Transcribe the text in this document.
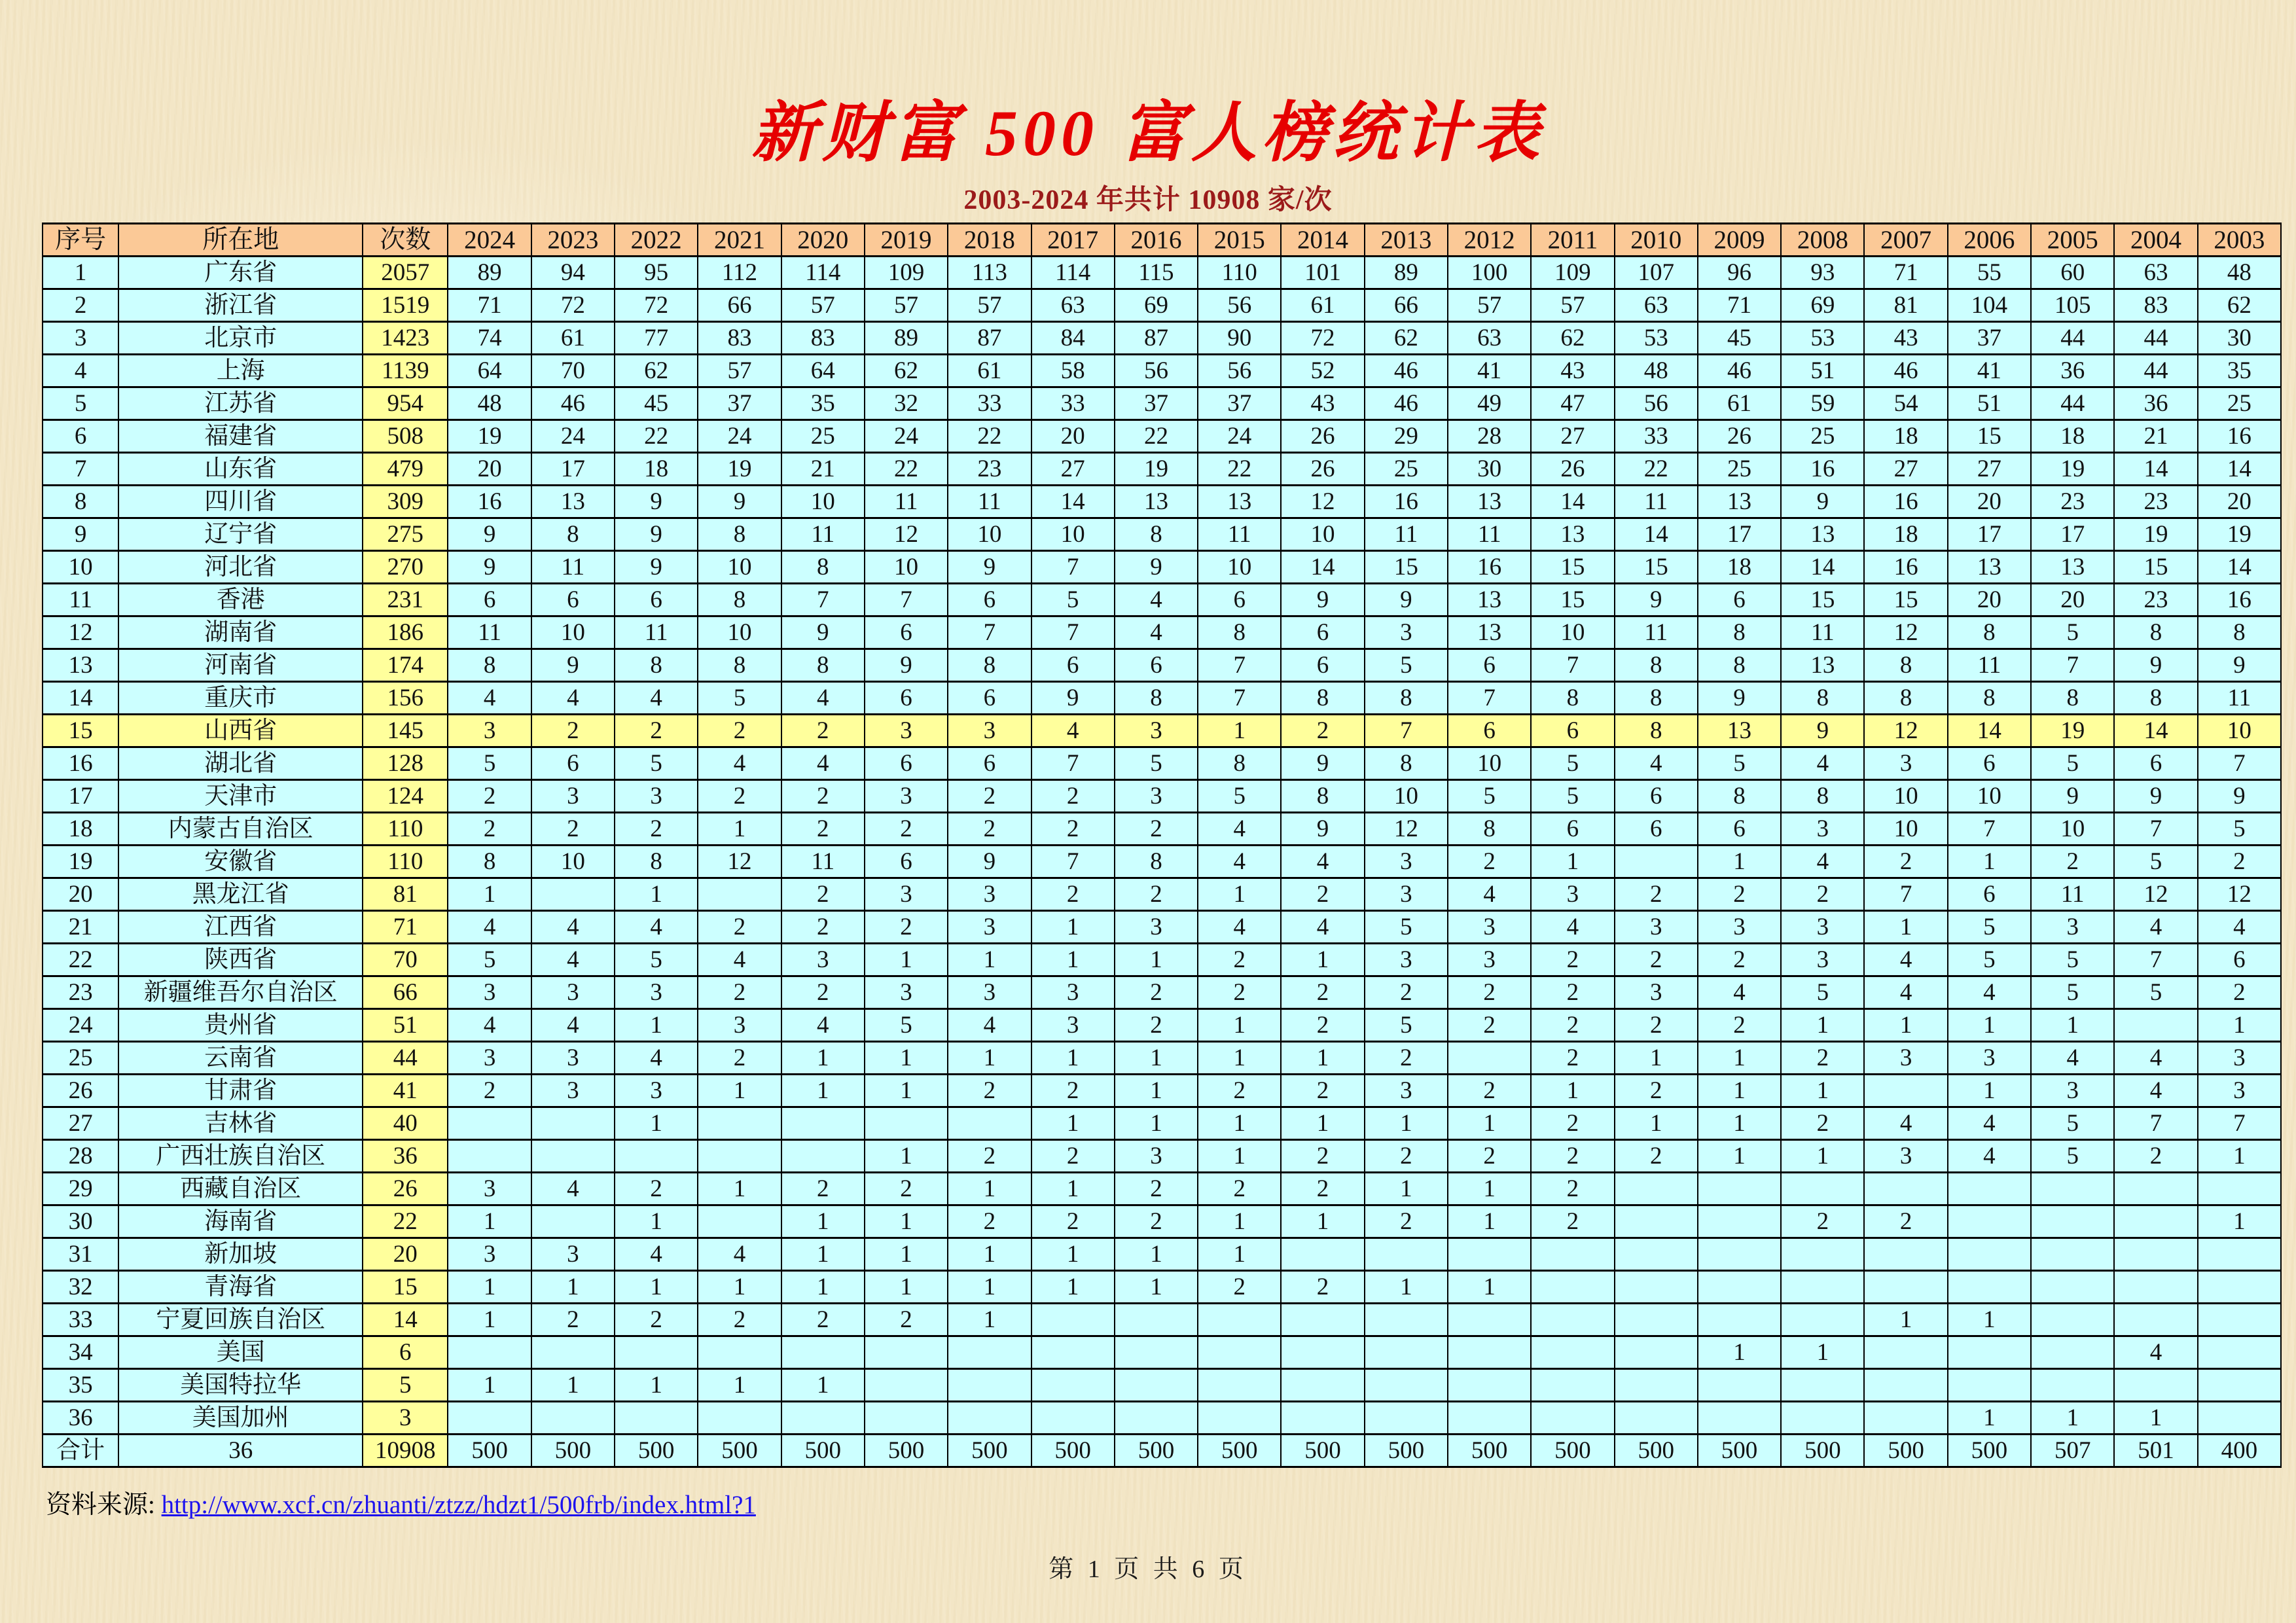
新财富 500 富人榜统计表
2003-2024 年共计 10908 家/次
序号	所在地	次数	2024	2023	2022	2021	2020	2019	2018	2017	2016	2015	2014	2013	2012	2011	2010	2009	2008	2007	2006	2005	2004	2003
1	广东省	2057	89	94	95	112	114	109	113	114	115	110	101	89	100	109	107	96	93	71	55	60	63	48
2	浙江省	1519	71	72	72	66	57	57	57	63	69	56	61	66	57	57	63	71	69	81	104	105	83	62
3	北京市	1423	74	61	77	83	83	89	87	84	87	90	72	62	63	62	53	45	53	43	37	44	44	30
4	上海	1139	64	70	62	57	64	62	61	58	56	56	52	46	41	43	48	46	51	46	41	36	44	35
5	江苏省	954	48	46	45	37	35	32	33	33	37	37	43	46	49	47	56	61	59	54	51	44	36	25
6	福建省	508	19	24	22	24	25	24	22	20	22	24	26	29	28	27	33	26	25	18	15	18	21	16
7	山东省	479	20	17	18	19	21	22	23	27	19	22	26	25	30	26	22	25	16	27	27	19	14	14
8	四川省	309	16	13	9	9	10	11	11	14	13	13	12	16	13	14	11	13	9	16	20	23	23	20
9	辽宁省	275	9	8	9	8	11	12	10	10	8	11	10	11	11	13	14	17	13	18	17	17	19	19
10	河北省	270	9	11	9	10	8	10	9	7	9	10	14	15	16	15	15	18	14	16	13	13	15	14
11	香港	231	6	6	6	8	7	7	6	5	4	6	9	9	13	15	9	6	15	15	20	20	23	16
12	湖南省	186	11	10	11	10	9	6	7	7	4	8	6	3	13	10	11	8	11	12	8	5	8	8
13	河南省	174	8	9	8	8	8	9	8	6	6	7	6	5	6	7	8	8	13	8	11	7	9	9
14	重庆市	156	4	4	4	5	4	6	6	9	8	7	8	8	7	8	8	9	8	8	8	8	8	11
15	山西省	145	3	2	2	2	2	3	3	4	3	1	2	7	6	6	8	13	9	12	14	19	14	10
16	湖北省	128	5	6	5	4	4	6	6	7	5	8	9	8	10	5	4	5	4	3	6	5	6	7
17	天津市	124	2	3	3	2	2	3	2	2	3	5	8	10	5	5	6	8	8	10	10	9	9	9
18	内蒙古自治区	110	2	2	2	1	2	2	2	2	2	4	9	12	8	6	6	6	3	10	7	10	7	5
19	安徽省	110	8	10	8	12	11	6	9	7	8	4	4	3	2	1		1	4	2	1	2	5	2
20	黑龙江省	81	1		1		2	3	3	2	2	1	2	3	4	3	2	2	2	7	6	11	12	12
21	江西省	71	4	4	4	2	2	2	3	1	3	4	4	5	3	4	3	3	3	1	5	3	4	4
22	陕西省	70	5	4	5	4	3	1	1	1	1	2	1	3	3	2	2	2	3	4	5	5	7	6
23	新疆维吾尔自治区	66	3	3	3	2	2	3	3	3	2	2	2	2	2	2	3	4	5	4	4	5	5	2
24	贵州省	51	4	4	1	3	4	5	4	3	2	1	2	5	2	2	2	2	1	1	1	1		1
25	云南省	44	3	3	4	2	1	1	1	1	1	1	1	2		2	1	1	2	3	3	4	4	3
26	甘肃省	41	2	3	3	1	1	1	2	2	1	2	2	3	2	1	2	1	1		1	3	4	3
27	吉林省	40			1					1	1	1	1	1	1	2	1	1	2	4	4	5	7	7
28	广西壮族自治区	36						1	2	2	3	1	2	2	2	2	2	1	1	3	4	5	2	1
29	西藏自治区	26	3	4	2	1	2	2	1	1	2	2	2	1	1	2								
30	海南省	22	1		1		1	1	2	2	2	1	1	2	1	2			2	2				1
31	新加坡	20	3	3	4	4	1	1	1	1	1	1												
32	青海省	15	1	1	1	1	1	1	1	1	1	2	2	1	1									
33	宁夏回族自治区	14	1	2	2	2	2	2	1											1	1			
34	美国	6																1	1				4	
35	美国特拉华	5	1	1	1	1	1																	
36	美国加州	3																			1	1	1	
合计	36	10908	500	500	500	500	500	500	500	500	500	500	500	500	500	500	500	500	500	500	500	507	501	400
资料来源: http://www.xcf.cn/zhuanti/ztzz/hdzt1/500frb/index.html?1
第 1 页 共 6 页
